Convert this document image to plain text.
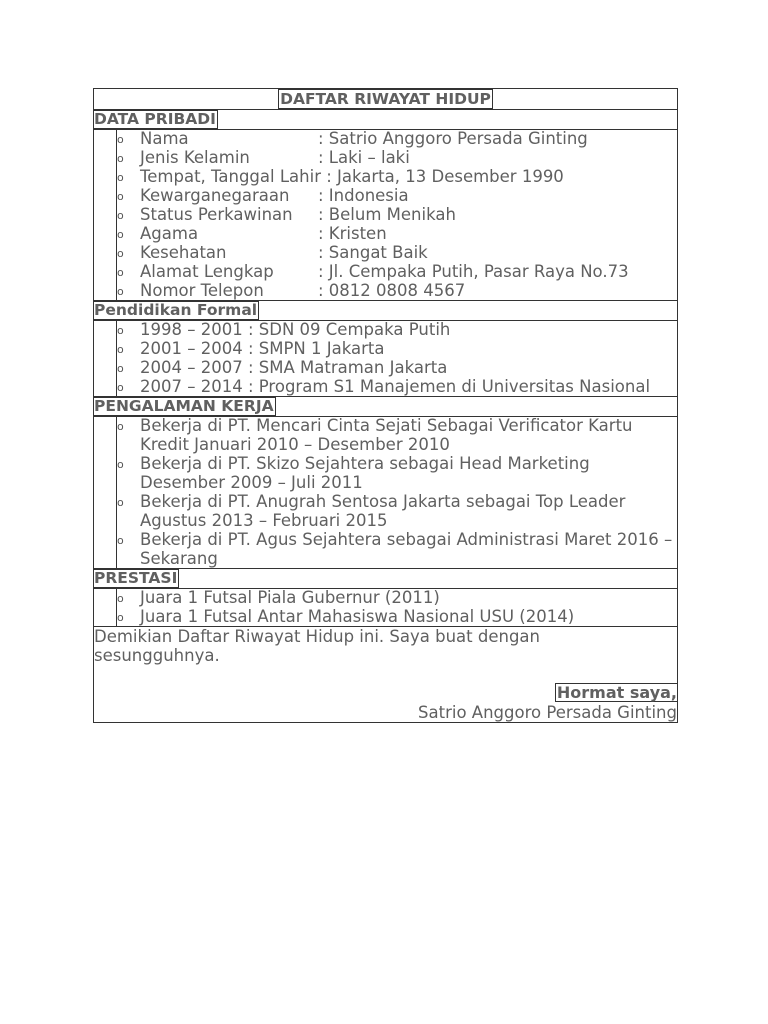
DAFTAR RIWAYAT HIDUP
DATA PRIBADI
o Nama	: Satrio Anggoro Persada Ginting
o Jenis Kelamin	: Laki – laki
o Tempat, Tanggal Lahir : Jakarta, 13 Desember 1990
o Kewarganegaraan : Indonesia
o Status Perkawinan : Belum Menikah
o Agama	: Kristen
o Kesehatan	: Sangat Baik
o Alamat Lengkap	: Jl. Cempaka Putih, Pasar Raya No.73
o Nomor Telepon	: 0812 0808 4567
Pendidikan Formal
o 1998 – 2001 : SDN 09 Cempaka Putih
o 2001 – 2004 : SMPN 1 Jakarta
o 2004 – 2007 : SMA Matraman Jakarta
o 2007 – 2014 : Program S1 Manajemen di Universitas Nasional
PENGALAMAN KERJA
o Bekerja di PT. Mencari Cinta Sejati Sebagai Verificator Kartu Kredit Januari 2010 – Desember 2010
o Bekerja di PT. Skizo Sejahtera sebagai Head Marketing Desember 2009 – Juli 2011
o Bekerja di PT. Anugrah Sentosa Jakarta sebagai Top Leader Agustus 2013 – Februari 2015
o Bekerja di PT. Agus Sejahtera sebagai Administrasi Maret 2016 – Sekarang
PRESTASI
o Juara 1 Futsal Piala Gubernur (2011)
o Juara 1 Futsal Antar Mahasiswa Nasional USU (2014)
Demikian Daftar Riwayat Hidup ini. Saya buat dengan sesungguhnya.
Hormat saya,
Satrio Anggoro Persada Ginting
